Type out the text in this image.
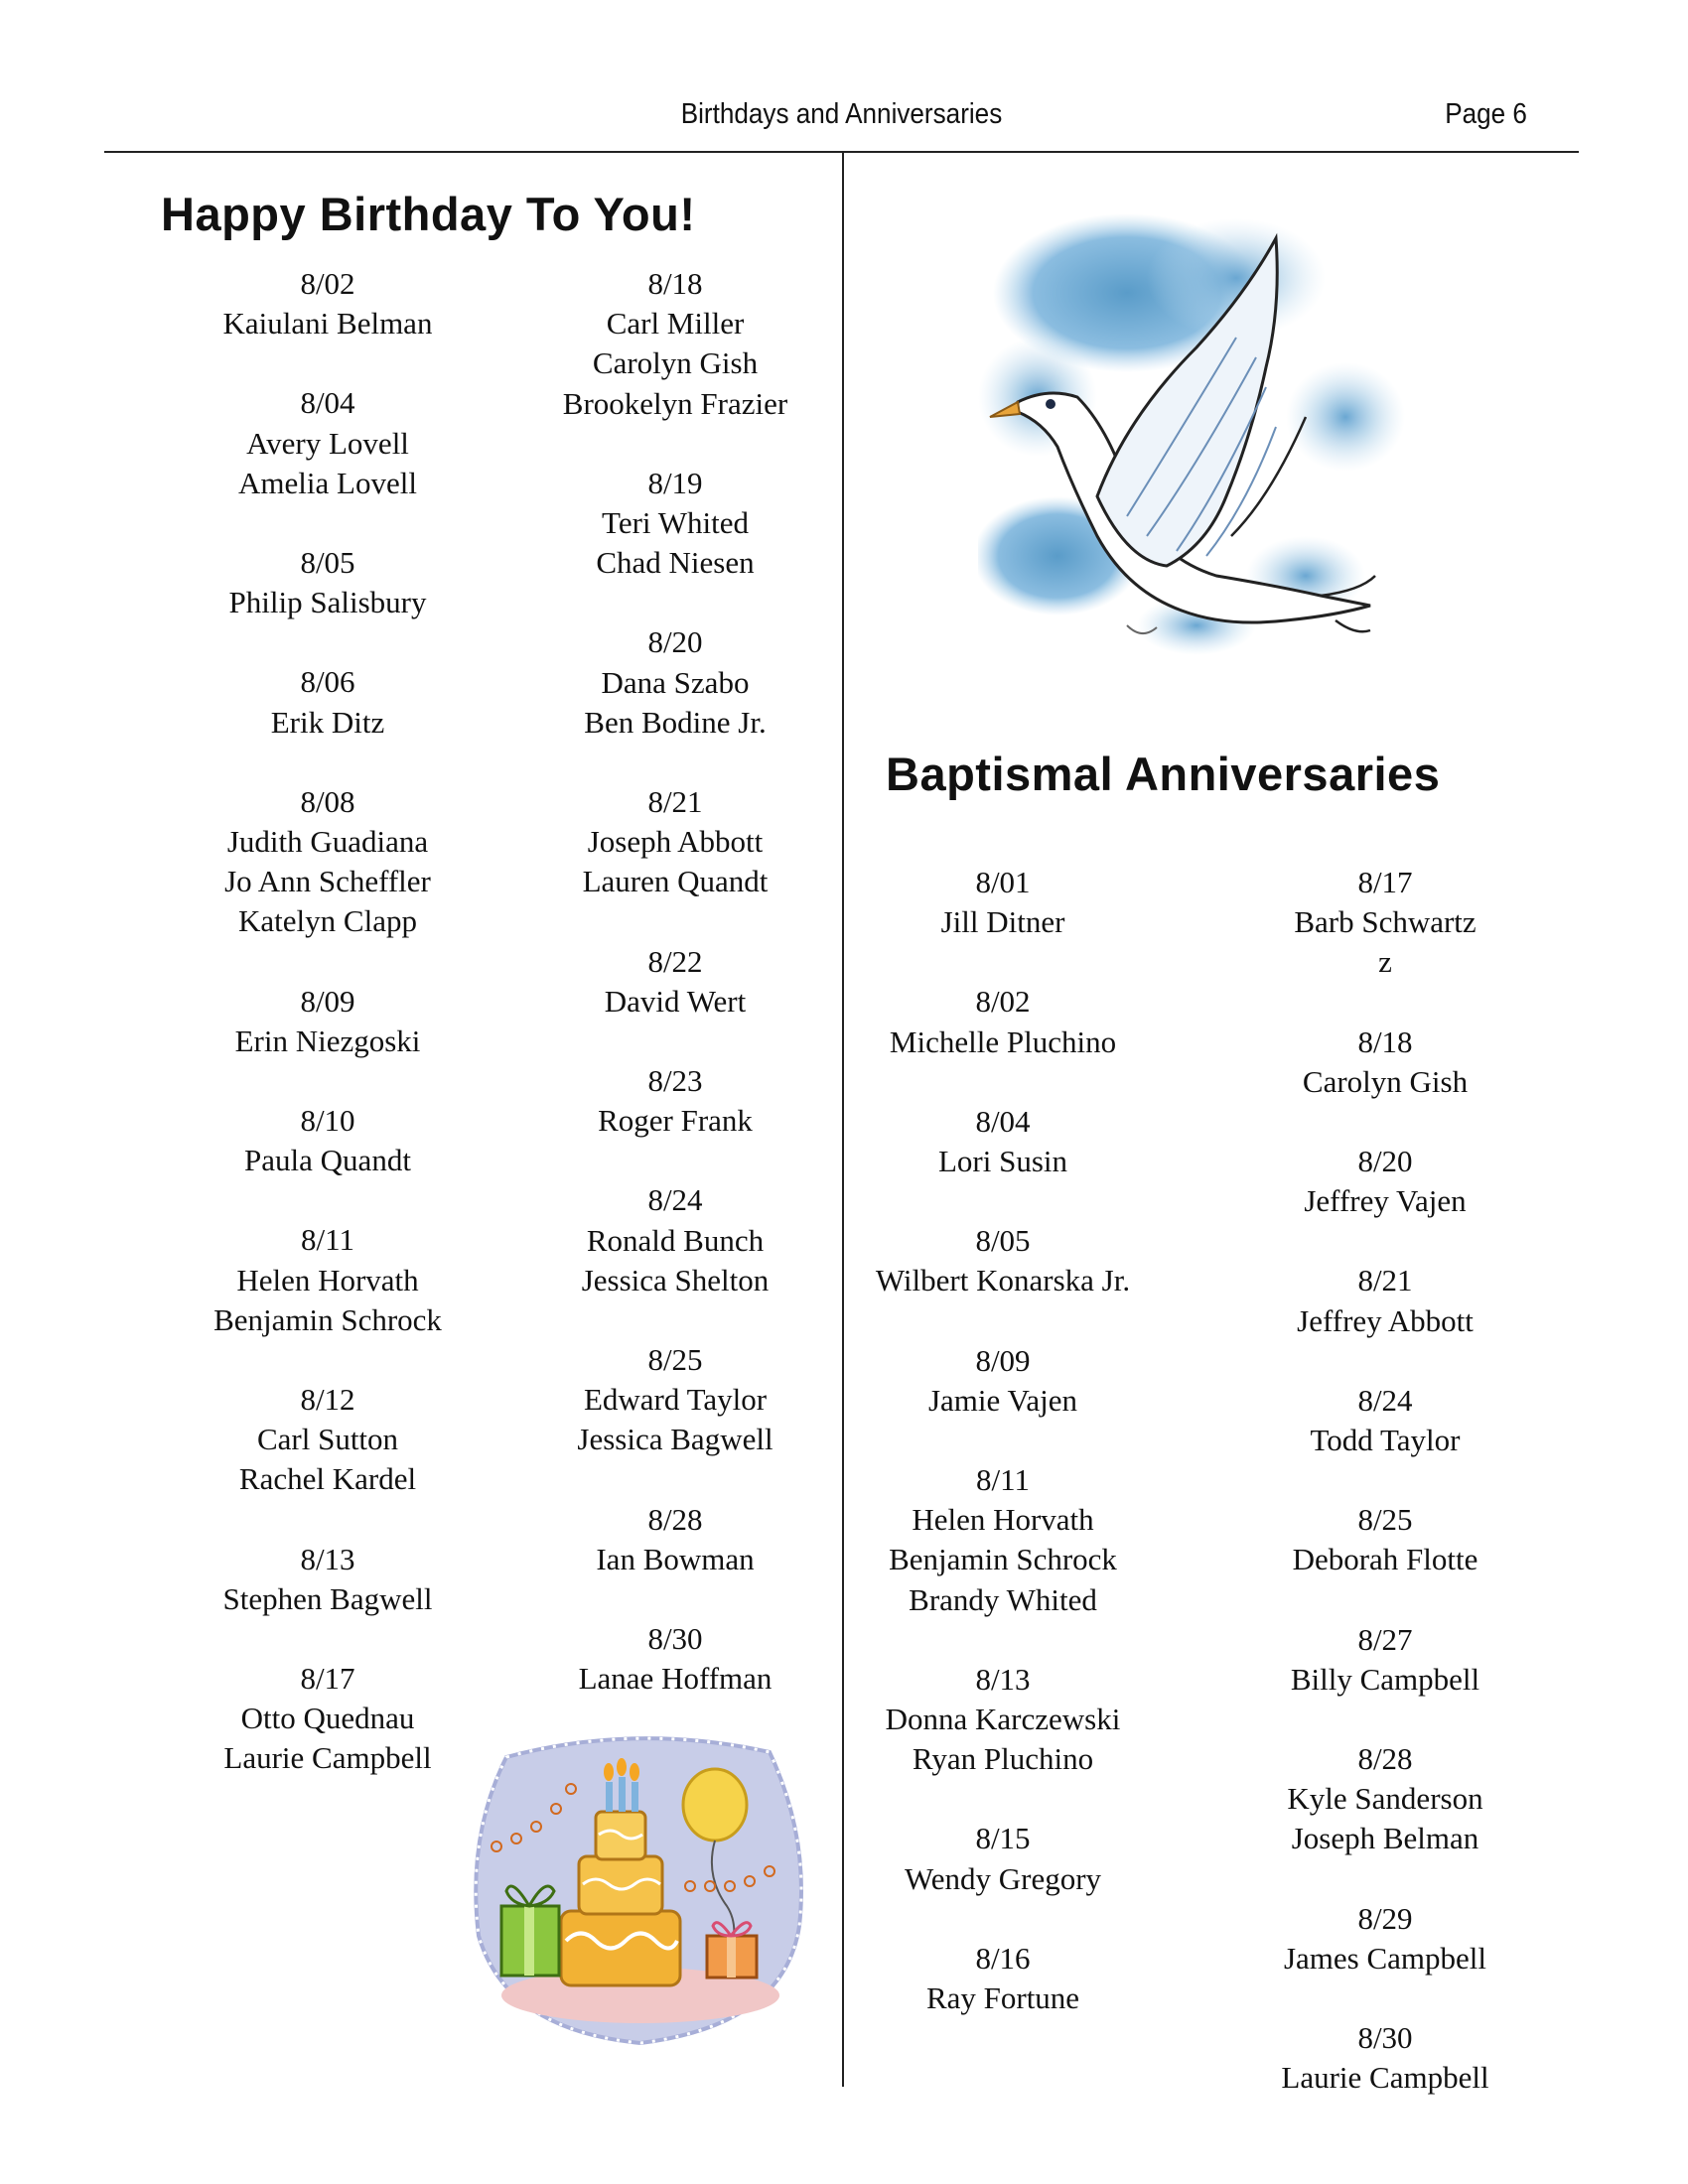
Birthdays and Anniversaries	Page 6
Happy Birthday To You!
8/02
Kaiulani Belman
8/04
Avery Lovell
Amelia Lovell
8/05
Philip Salisbury
8/06
Erik Ditz
8/08
Judith Guadiana
Jo Ann Scheffler
Katelyn Clapp
8/09
Erin Niezgoski
8/10
Paula Quandt
8/11
Helen Horvath
Benjamin Schrock
8/12
Carl Sutton
Rachel Kardel
8/13
Stephen Bagwell
8/17
Otto Quednau
Laurie Campbell
8/18
Carl Miller
Carolyn Gish
Brookelyn Frazier
8/19
Teri Whited
Chad Niesen
8/20
Dana Szabo
Ben Bodine Jr.
8/21
Joseph Abbott
Lauren Quandt
8/22
David Wert
8/23
Roger Frank
8/24
Ronald Bunch
Jessica Shelton
8/25
Edward Taylor
Jessica Bagwell
8/28
Ian Bowman
8/30
Lanae Hoffman
Baptismal Anniversaries
8/01
Jill Ditner
8/02
Michelle Pluchino
8/04
Lori Susin
8/05
Wilbert Konarska Jr.
8/09
Jamie Vajen
8/11
Helen Horvath
Benjamin Schrock
Brandy Whited
8/13
Donna Karczewski
Ryan Pluchino
8/15
Wendy Gregory
8/16
Ray Fortune
8/17
Barb Schwartz
z
8/18
Carolyn Gish
8/20
Jeffrey Vajen
8/21
Jeffrey Abbott
8/24
Todd Taylor
8/25
Deborah Flotte
8/27
Billy Campbell
8/28
Kyle Sanderson
Joseph Belman
8/29
James Campbell
8/30
Laurie Campbell
